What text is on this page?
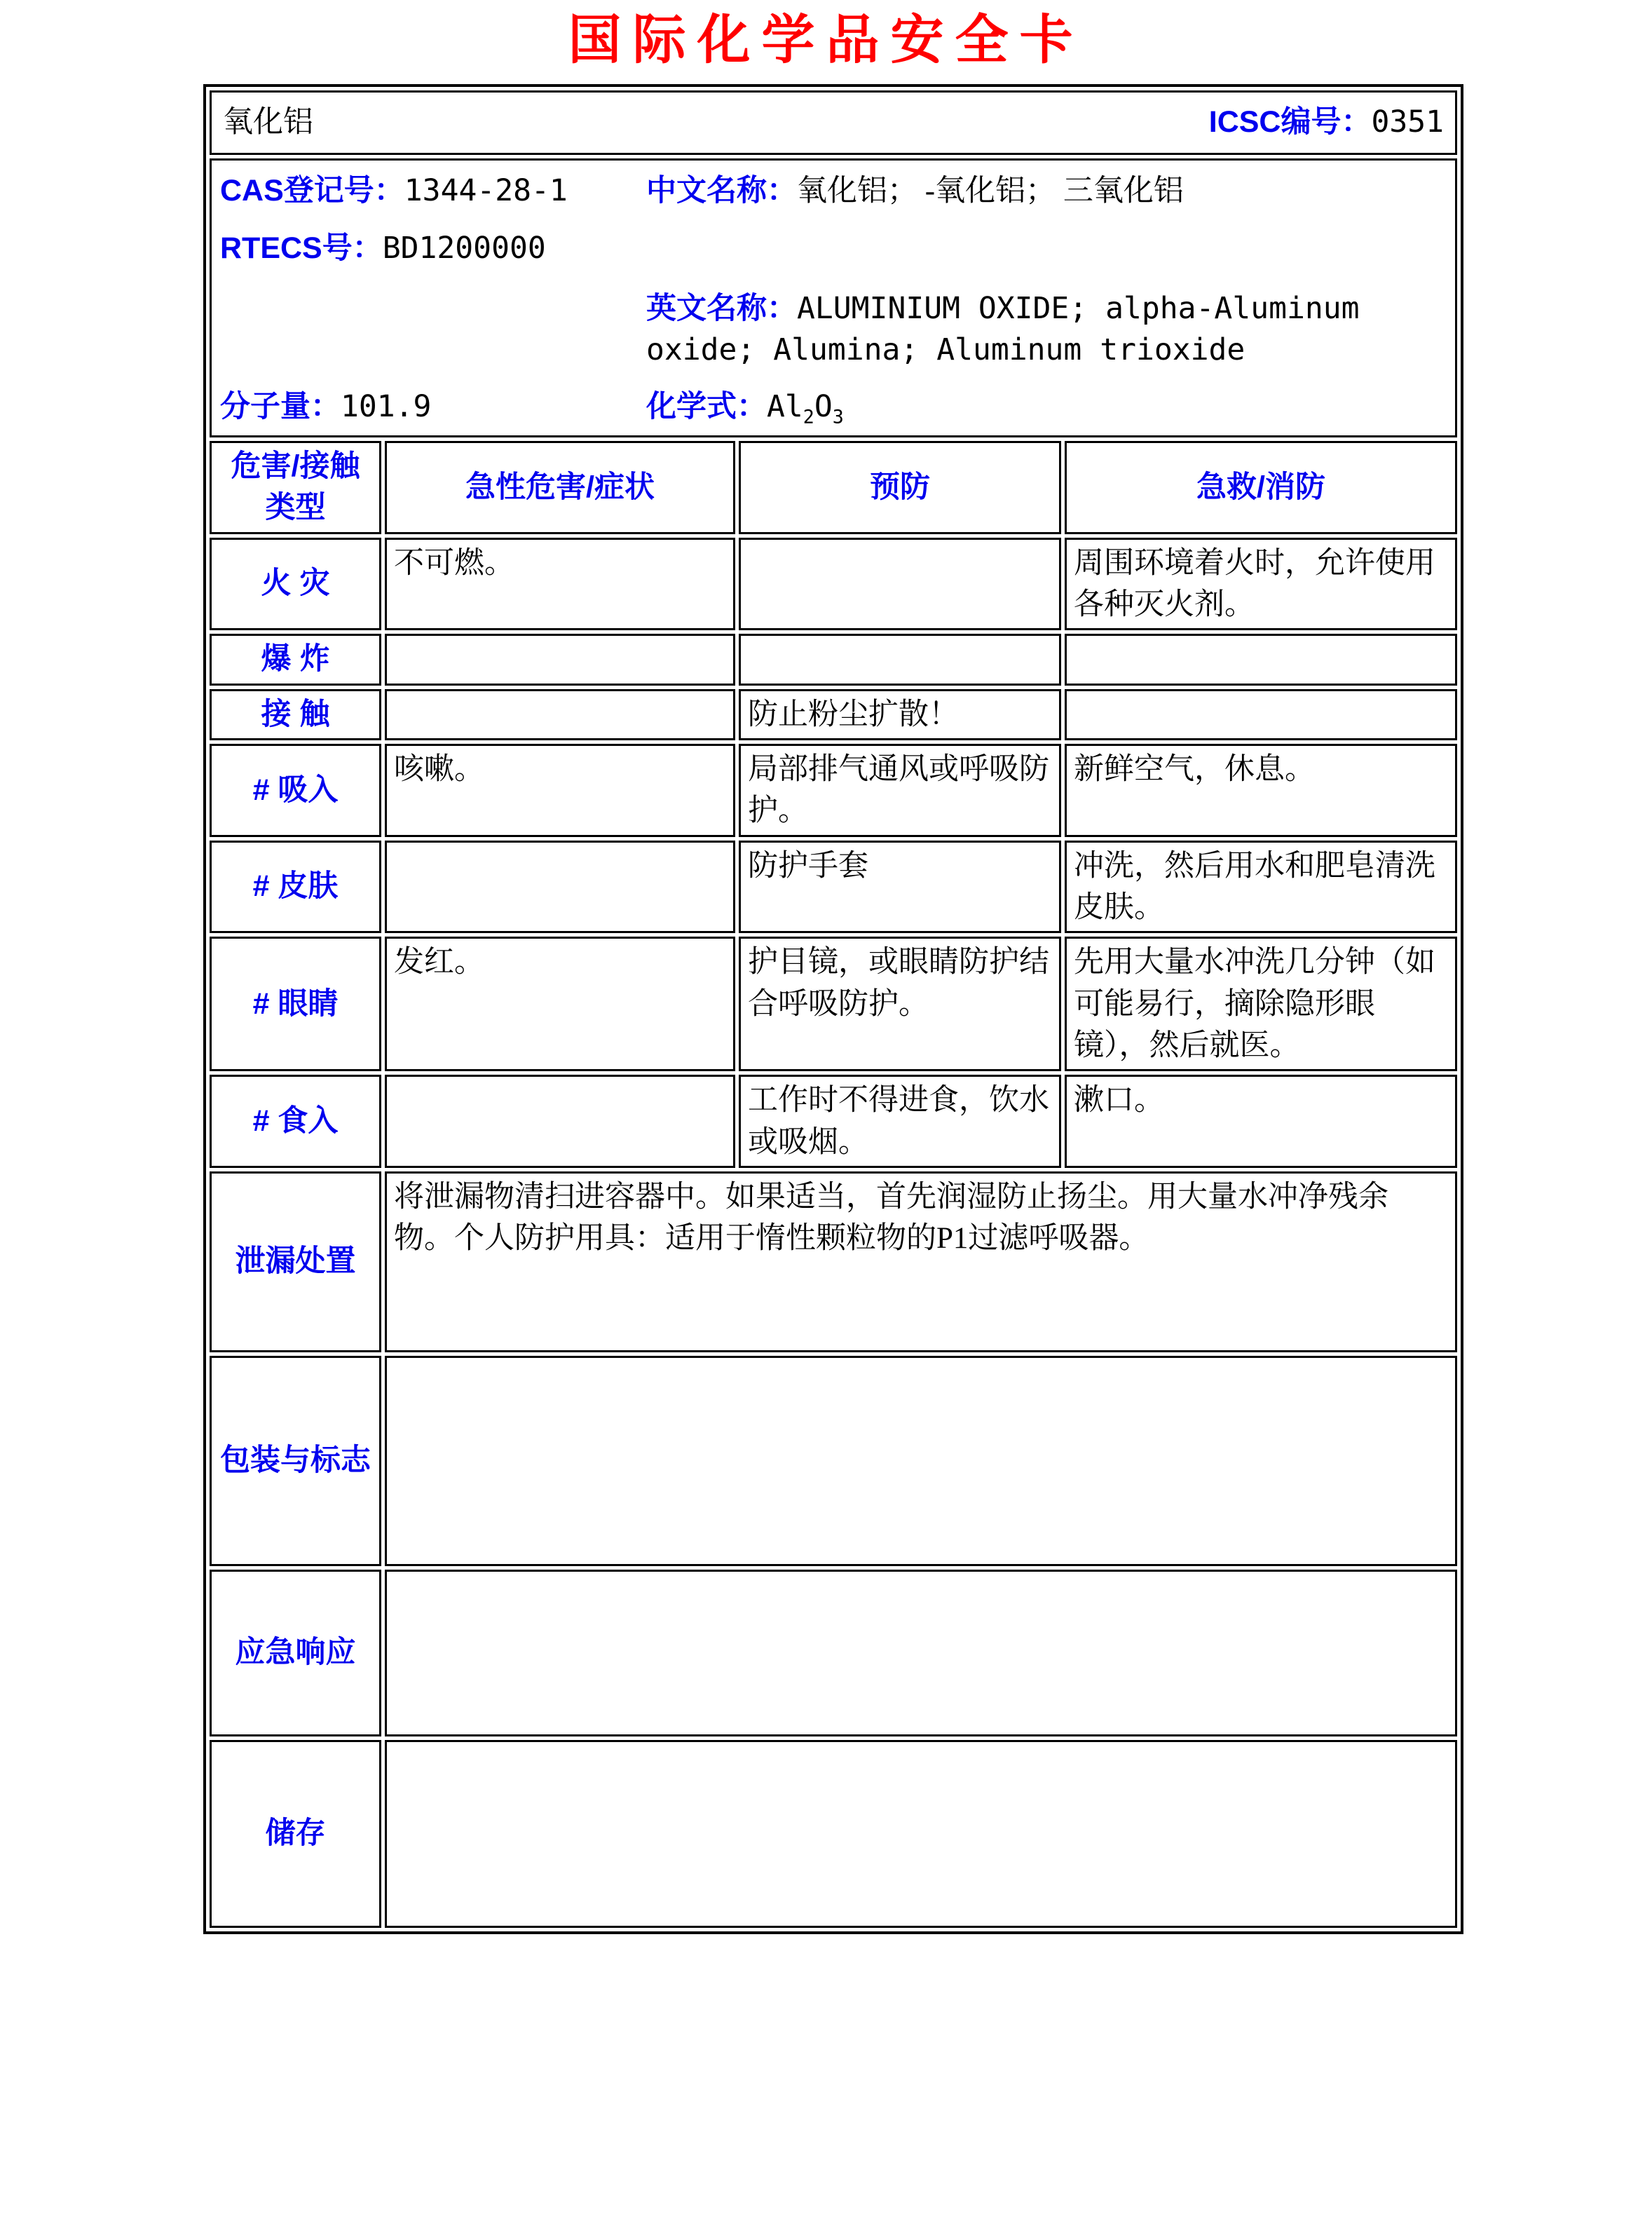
国际化学品安全卡
氧化铝 ICSC编号：0351			

CAS登记号：1344-28-1
RTECS号：BD1200000
中文名称：氧化铝； -氧化铝； 三氧化铝
英文名称：ALUMINIUM OXIDE; alpha-Aluminum oxide; Alumina; Aluminum trioxide
分子量：101.9	化学式：$Al_2O_3$

危害/接触类型	急性危害/症状	预防	急救/消防
火 灾	不可燃。		周围环境着火时，允许使用各种灭火剂。
爆 炸			
接 触		防止粉尘扩散！	
# 吸入	咳嗽。	局部排气通风或呼吸防护。	新鲜空气，休息。
# 皮肤		防护手套	冲洗，然后用水和肥皂清洗皮肤。
# 眼睛	发红。	护目镜，或眼睛防护结合呼吸防护。	先用大量水冲洗几分钟（如可能易行，摘除隐形眼镜），然后就医。
# 食入		工作时不得进食，饮水或吸烟。	漱口。
泄漏处置	将泄漏物清扫进容器中。如果适当，首先润湿防止扬尘。用大量水冲净残余物。个人防护用具：适用于惰性颗粒物的P1过滤呼吸器。		
包装与标志			
应急响应			
储存			
